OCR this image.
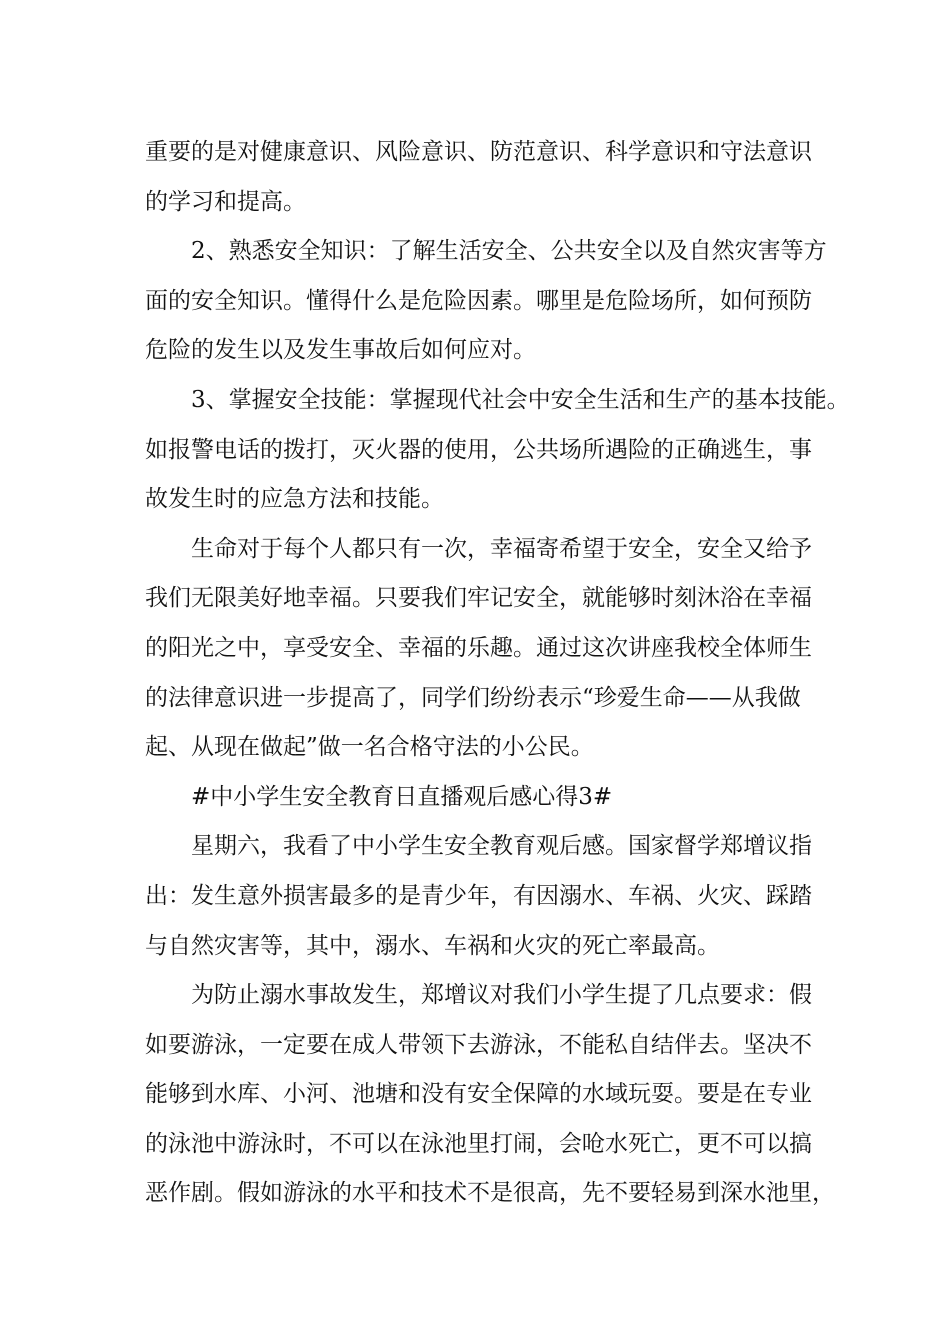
重要的是对健康意识、风险意识、防范意识、科学意识和守法意识
的学习和提高。
2、熟悉安全知识：了解生活安全、公共安全以及自然灾害等方
面的安全知识。懂得什么是危险因素。哪里是危险场所，如何预防
危险的发生以及发生事故后如何应对。
3、掌握安全技能：掌握现代社会中安全生活和生产的基本技能。
如报警电话的拨打，灭火器的使用，公共场所遇险的正确逃生，事
故发生时的应急方法和技能。
生命对于每个人都只有一次，幸福寄希望于安全，安全又给予
我们无限美好地幸福。只要我们牢记安全，就能够时刻沐浴在幸福
的阳光之中，享受安全、幸福的乐趣。通过这次讲座我校全体师生
的法律意识进一步提高了，同学们纷纷表示“珍爱生命——从我做
起、从现在做起”做一名合格守法的小公民。
#中小学生安全教育日直播观后感心得3#
星期六，我看了中小学生安全教育观后感。国家督学郑增议指
出：发生意外损害最多的是青少年，有因溺水、车祸、火灾、踩踏
与自然灾害等，其中，溺水、车祸和火灾的死亡率最高。
为防止溺水事故发生，郑增议对我们小学生提了几点要求：假
如要游泳，一定要在成人带领下去游泳，不能私自结伴去。坚决不
能够到水库、小河、池塘和没有安全保障的水域玩耍。要是在专业
的泳池中游泳时，不可以在泳池里打闹，会呛水死亡，更不可以搞
恶作剧。假如游泳的水平和技术不是很高，先不要轻易到深水池里，
